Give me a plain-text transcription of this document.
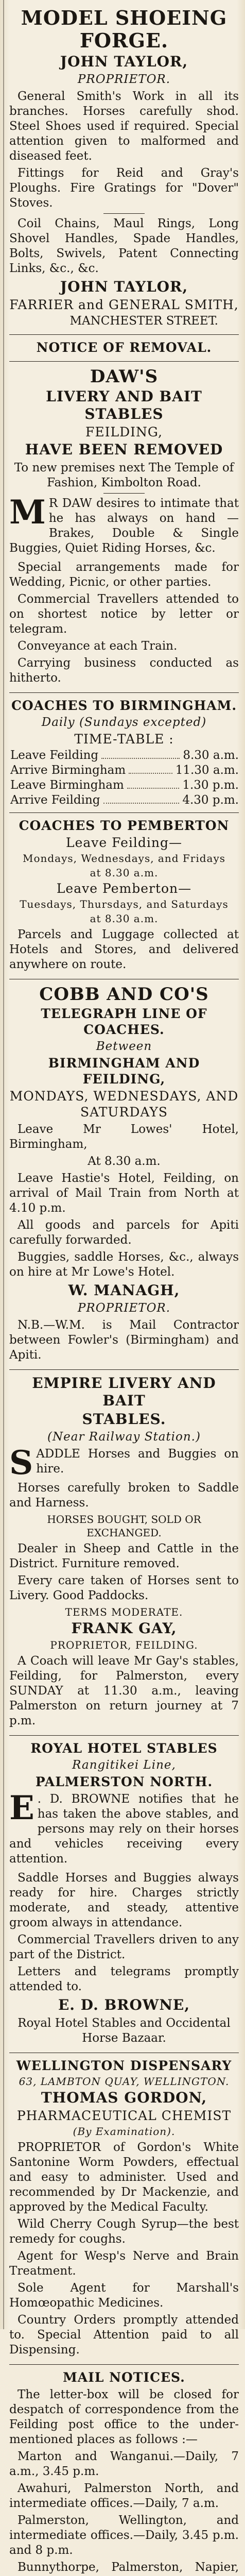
MODEL SHOEING FORGE.
JOHN TAYLOR,
PROPRIETOR.

General Smith's Work in all its branches. Horses carefully shod. Steel Shoes used if required. Special attention given to malformed and diseased feet.

Fittings for Reid and Gray's Ploughs. Fire Gratings for "Dover" Stoves.

Coil Chains, Maul Rings, Long Shovel Handles, Spade Handles, Bolts, Swivels, Patent Connecting Links, &c., &c.

JOHN TAYLOR,
FARRIER and GENERAL SMITH,
MANCHESTER STREET.
NOTICE OF REMOVAL.
DAW'S
LIVERY AND BAIT STABLES
FEILDING,
HAVE BEEN REMOVED

To new premises next The Temple of Fashion, Kimbolton Road.

M R DAW desires to intimate that he has always on hand —Brakes, Double & Single Buggies, Quiet Riding Horses, &c.

Special arrangements made for Wedding, Picnic, or other parties.

Commercial Travellers attended to on shortest notice by letter or telegram.

Conveyance at each Train.

Carrying business conducted as hitherto.

COACHES TO BIRMINGHAM.
Daily (Sundays excepted)
TIME-TABLE :
Leave Feilding	8.30 a.m.
Arrive Birmingham	11.30 a.m.
Leave Birmingham	1.30 p.m.
Arrive Feilding	4.30 p.m.
COACHES TO PEMBERTON
Leave Feilding—
Mondays, Wednesdays, and Fridays
at 8.30 a.m.
Leave Pemberton—
Tuesdays, Thursdays, and Saturdays
at 8.30 a.m.

Parcels and Luggage collected at Hotels and Stores, and delivered anywhere on route.

COBB AND CO'S
TELEGRAPH LINE OF COACHES.
Between
BIRMINGHAM AND FEILDING,
MONDAYS, WEDNESDAYS, AND SATURDAYS

Leave Mr Lowes' Hotel, Birmingham,

At 8.30 a.m.

Leave Hastie's Hotel, Feilding, on arrival of Mail Train from North at 4.10 p.m.

All goods and parcels for Apiti carefully forwarded.

Buggies, saddle Horses, &c., always on hire at Mr Lowe's Hotel.

W. MANAGH,
PROPRIETOR.

N.B.—W.M. is Mail Contractor between Fowler's (Birmingham) and Apiti.

EMPIRE LIVERY AND BAIT
STABLES.
(Near Railway Station.)

SADDLE Horses and Buggies on hire.

Horses carefully broken to Saddle and Harness.

HORSES BOUGHT, SOLD OR EXCHANGED.

Dealer in Sheep and Cattle in the District. Furniture removed.

Every care taken of Horses sent to Livery. Good Paddocks.

TERMS MODERATE.
FRANK GAY,
PROPRIETOR, FEILDING.

A Coach will leave Mr Gay's stables, Feilding, for Palmerston, every SUNDAY at 11.30 a.m., leaving Palmerston on return journey at 7 p.m.

ROYAL HOTEL STABLES
Rangitikei Line,
PALMERSTON NORTH.

E . D. BROWNE notifies that he has taken the above stables, and persons may rely on their horses and vehicles receiving every attention.

Saddle Horses and Buggies always ready for hire. Charges strictly moderate, and steady, attentive groom always in attendance.

Commercial Travellers driven to any part of the District.

Letters and telegrams promptly attended to.

E. D. BROWNE,

Royal Hotel Stables and Occidental Horse Bazaar.

WELLINGTON DISPENSARY
63, LAMBTON QUAY, WELLINGTON.
THOMAS GORDON,
PHARMACEUTICAL CHEMIST
(By Examination).

PROPRIETOR of Gordon's White Santonine Worm Powders, effectual and easy to administer. Used and recommended by Dr Mackenzie, and approved by the Medical Faculty.

Wild Cherry Cough Syrup—the best remedy for coughs.

Agent for Wesp's Nerve and Brain Treatment.

Sole Agent for Marshall's Homœopathic Medicines.

Country Orders promptly attended to. Special Attention paid to all Dispensing.

MAIL NOTICES.

The letter-box will be closed for despatch of correspondence from the Feilding post office to the under-mentioned places as follows :—

Marton and Wanganui.—Daily, 7 a.m., 3.45 p.m.

Awahuri, Palmerston North, and intermediate offices.—Daily, 7 a.m.

Palmerston, Wellington, and intermediate offices.—Daily, 3.45 p.m. and 8 p.m.

Bunnythorpe, Palmerston, Napier,
